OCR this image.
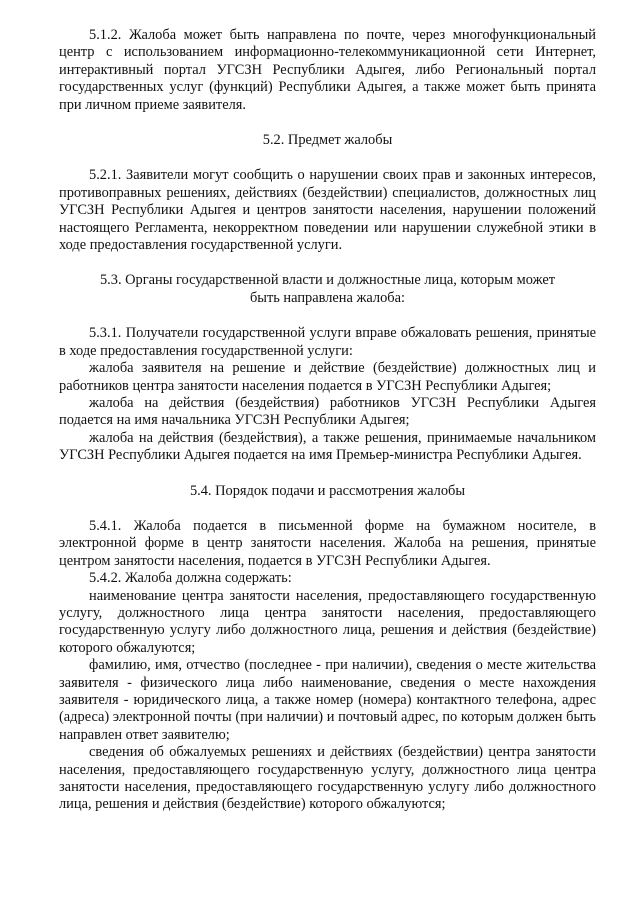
5.1.2. Жалоба может быть направлена по почте, через многофункциональный центр с использованием информационно-телекоммуникационной сети Интернет, интерактивный портал УГСЗН Республики Адыгея, либо Региональный портал государственных услуг (функций) Республики Адыгея, а также может быть принята при личном приеме заявителя.

5.2. Предмет жалобы

5.2.1. Заявители могут сообщить о нарушении своих прав и законных интересов, противоправных решениях, действиях (бездействии) специалистов, должностных лиц УГСЗН Республики Адыгея и центров занятости населения, нарушении положений настоящего Регламента, некорректном поведении или нарушении служебной этики в ходе предоставления государственной услуги.

5.3. Органы государственной власти и должностные лица, которым может

быть направлена жалоба:

5.3.1. Получатели государственной услуги вправе обжаловать решения, принятые в ходе предоставления государственной услуги:

жалоба заявителя на решение и действие (бездействие) должностных лиц и работников центра занятости населения подается в УГСЗН Республики Адыгея;

жалоба на действия (бездействия) работников УГСЗН Республики Адыгея подается на имя начальника УГСЗН Республики Адыгея;

жалоба на действия (бездействия), а также решения, принимаемые начальником УГСЗН Республики Адыгея подается на имя Премьер-министра Республики Адыгея.

5.4. Порядок подачи и рассмотрения жалобы

5.4.1. Жалоба подается в письменной форме на бумажном носителе, в электронной форме в центр занятости населения. Жалоба на решения, принятые центром занятости населения, подается в УГСЗН Республики Адыгея.

5.4.2. Жалоба должна содержать:

наименование центра занятости населения, предоставляющего государственную услугу, должностного лица центра занятости населения, предоставляющего государственную услугу либо должностного лица, решения и действия (бездействие) которого обжалуются;

фамилию, имя, отчество (последнее - при наличии), сведения о месте жительства заявителя - физического лица либо наименование, сведения о месте нахождения заявителя - юридического лица, а также номер (номера) контактного телефона, адрес (адреса) электронной почты (при наличии) и почтовый адрес, по которым должен быть направлен ответ заявителю;

сведения об обжалуемых решениях и действиях (бездействии) центра занятости населения, предоставляющего государственную услугу, должностного лица центра занятости населения, предоставляющего государственную услугу либо должностного лица, решения и действия (бездействие) которого обжалуются;
